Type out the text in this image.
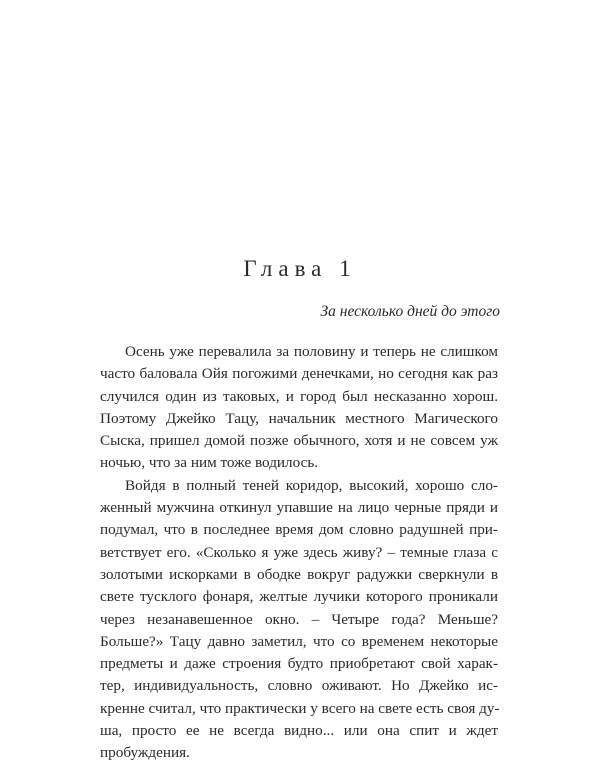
Глава 1

За несколько дней до этого

Осень уже перевалила за половину и теперь не слишком
часто баловала Ойя погожими денечками, но сегодня как раз
случился один из таковых, и город был несказанно хорош.
Поэтому Джейко Тацу, начальник местного Магического
Сыска, пришел домой позже обычного, хотя и не совсем уж
ночью, что за ним тоже водилось.

Войдя в полный теней коридор, высокий, хорошо сло-
женный мужчина откинул упавшие на лицо черные пряди и
подумал, что в последнее время дом словно радушней при-
ветствует его. «Сколько я уже здесь живу? – темные глаза с
золотыми искорками в ободке вокруг радужки сверкнули в
свете тусклого фонаря, желтые лучики которого проникали
через незанавешенное окно. – Четыре года? Меньше?
Больше?» Тацу давно заметил, что со временем некоторые
предметы и даже строения будто приобретают свой харак-
тер, индивидуальность, словно оживают. Но Джейко ис-
кренне считал, что практически у всего на свете есть своя ду-
ша, просто ее не всегда видно... или она спит и ждет
пробуждения.
